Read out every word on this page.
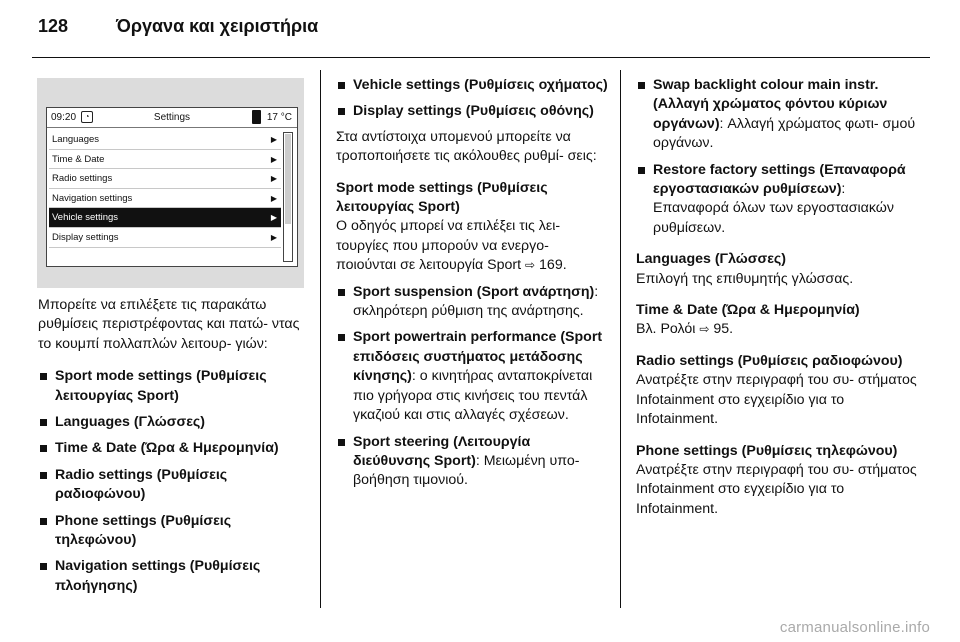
128	Όργανα και χειριστήρια
09:20	◔	Settings	17 °C
Languages	▶
Time & Date	▶
Radio settings	▶
Navigation settings	▶
Vehicle settings	▶
Display settings	▶

Μπορείτε να επιλέξετε τις παρακάτω ρυθμίσεις περιστρέφοντας και πατώ- ντας το κουμπί πολλαπλών λειτουρ- γιών:

Sport mode settings (Ρυθμίσεις λειτουργίας Sport)
Languages (Γλώσσες)
Time & Date (Ώρα & Ημερομηνία)
Radio settings (Ρυθμίσεις ραδιοφώνου)
Phone settings (Ρυθμίσεις τηλεφώνου)
Navigation settings (Ρυθμίσεις πλοήγησης)
Vehicle settings (Ρυθμίσεις οχήματος)
Display settings (Ρυθμίσεις οθόνης)

Στα αντίστοιχα υπομενού μπορείτε να τροποποιήσετε τις ακόλουθες ρυθμί- σεις:

Sport mode settings (Ρυθμίσεις λειτουργίας Sport)

Ο οδηγός μπορεί να επιλέξει τις λει- τουργίες που μπορούν να ενεργο- ποιούνται σε λειτουργία Sport ⇨ 169.

Sport suspension (Sport ανάρτηση): σκληρότερη ρύθμιση της ανάρτησης.
Sport powertrain performance (Sport επιδόσεις συστήματος μετάδοσης κίνησης): ο κινητήρας ανταποκρίνεται πιο γρήγορα στις κινήσεις του πεντάλ γκαζιού και στις αλλαγές σχέσεων.
Sport steering (Λειτουργία διεύθυνσης Sport): Μειωμένη υπο- βοήθηση τιμονιού.
Swap backlight colour main instr. (Αλλαγή χρώματος φόντου κύριων οργάνων): Αλλαγή χρώματος φωτι- σμού οργάνων.
Restore factory settings (Επαναφορά εργοστασιακών ρυθμίσεων): Επαναφορά όλων των εργοστασιακών ρυθμίσεων.

Languages (Γλώσσες)

Επιλογή της επιθυμητής γλώσσας.

Time & Date (Ώρα & Ημερομηνία)

Βλ. Ρολόι ⇨ 95.

Radio settings (Ρυθμίσεις ραδιοφώνου)

Ανατρέξτε στην περιγραφή του συ- στήματος Infotainment στο εγχειρίδιο για το Infotainment.

Phone settings (Ρυθμίσεις τηλεφώνου)

Ανατρέξτε στην περιγραφή του συ- στήματος Infotainment στο εγχειρίδιο για το Infotainment.

carmanualsonline.info
